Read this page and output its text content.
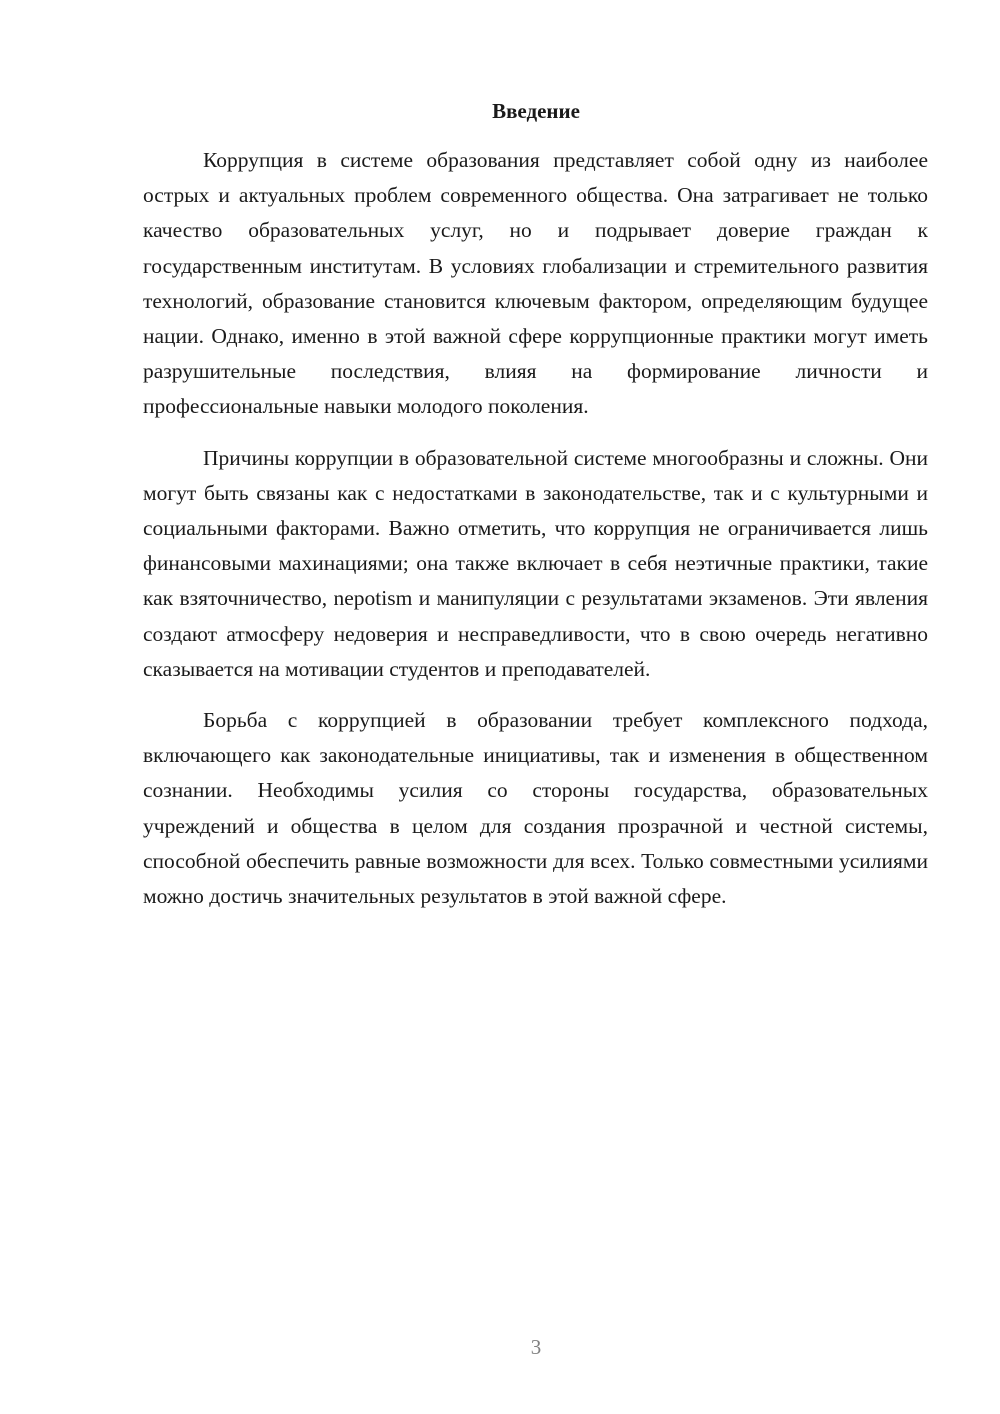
Введение

Коррупция в системе образования представляет собой одну из наиболее острых и актуальных проблем современного общества. Она затрагивает не только качество образовательных услуг, но и подрывает доверие граждан к государственным институтам. В условиях глобализации и стремительного развития технологий, образование становится ключевым фактором, определяющим будущее нации. Однако, именно в этой важной сфере коррупционные практики могут иметь разрушительные последствия, влияя на формирование личности и профессиональные навыки молодого поколения.

Причины коррупции в образовательной системе многообразны и сложны. Они могут быть связаны как с недостатками в законодательстве, так и с культурными и социальными факторами. Важно отметить, что коррупция не ограничивается лишь финансовыми махинациями; она также включает в себя неэтичные практики, такие как взяточничество, nepotism и манипуляции с результатами экзаменов. Эти явления создают атмосферу недоверия и несправедливости, что в свою очередь негативно сказывается на мотивации студентов и преподавателей.

Борьба с коррупцией в образовании требует комплексного подхода, включающего как законодательные инициативы, так и изменения в общественном сознании. Необходимы усилия со стороны государства, образовательных учреждений и общества в целом для создания прозрачной и честной системы, способной обеспечить равные возможности для всех. Только совместными усилиями можно достичь значительных результатов в этой важной сфере.

3
